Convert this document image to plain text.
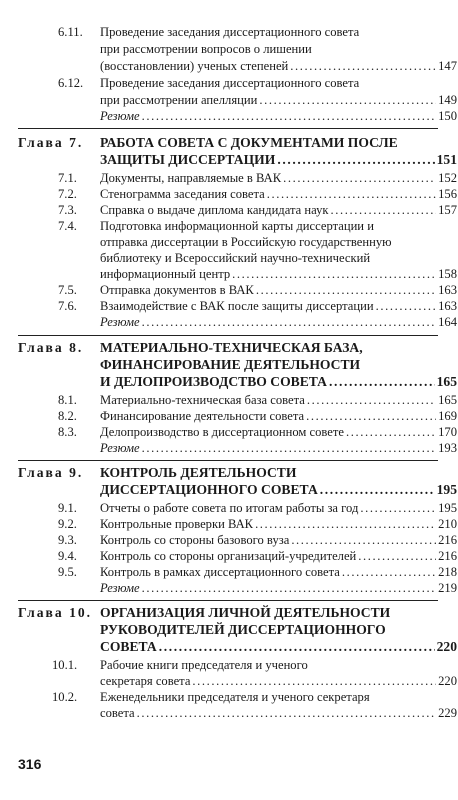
6.11. Проведение заседания диссертационного совета
при рассмотрении вопросов о лишении
(восстановлении) ученых степеней .....	147
6.12. Проведение заседания диссертационного совета
при рассмотрении апелляции .....	149
Резюме .....	150
Глава 7. РАБОТА СОВЕТА С ДОКУМЕНТАМИ ПОСЛЕ
ЗАЩИТЫ ДИССЕРТАЦИИ .....	151
7.1. Документы, направляемые в ВАК .....	152
7.2. Стенограмма заседания совета .....	156
7.3. Справка о выдаче диплома кандидата наук .....	157
7.4. Подготовка информационной карты диссертации и
отправка диссертации в Российскую государственную
библиотеку и Всероссийский научно-технический
информационный центр .....	158
7.5. Отправка документов в ВАК .....	163
7.6. Взаимодействие с ВАК после защиты диссертации .....	163
Резюме .....	164
Глава 8. МАТЕРИАЛЬНО-ТЕХНИЧЕСКАЯ БАЗА,
ФИНАНСИРОВАНИЕ ДЕЯТЕЛЬНОСТИ
И ДЕЛОПРОИЗВОДСТВО СОВЕТА .....	165
8.1. Материально-техническая база совета .....	165
8.2. Финансирование деятельности совета .....	169
8.3. Делопроизводство в диссертационном совете .....	170
Резюме .....	193
Глава 9. КОНТРОЛЬ ДЕЯТЕЛЬНОСТИ
ДИССЕРТАЦИОННОГО СОВЕТА .....	195
9.1. Отчеты о работе совета по итогам работы за год .....	195
9.2. Контрольные проверки ВАК .....	210
9.3. Контроль со стороны базового вуза .....	216
9.4. Контроль со стороны организаций-учредителей .....	216
9.5. Контроль в рамках диссертационного совета .....	218
Резюме .....	219
Глава 10. ОРГАНИЗАЦИЯ ЛИЧНОЙ ДЕЯТЕЛЬНОСТИ
РУКОВОДИТЕЛЕЙ ДИССЕРТАЦИОННОГО
СОВЕТА .....	220
10.1. Рабочие книги председателя и ученого
секретаря совета .....	220
10.2. Еженедельники председателя и ученого секретаря
совета .....	229
316
